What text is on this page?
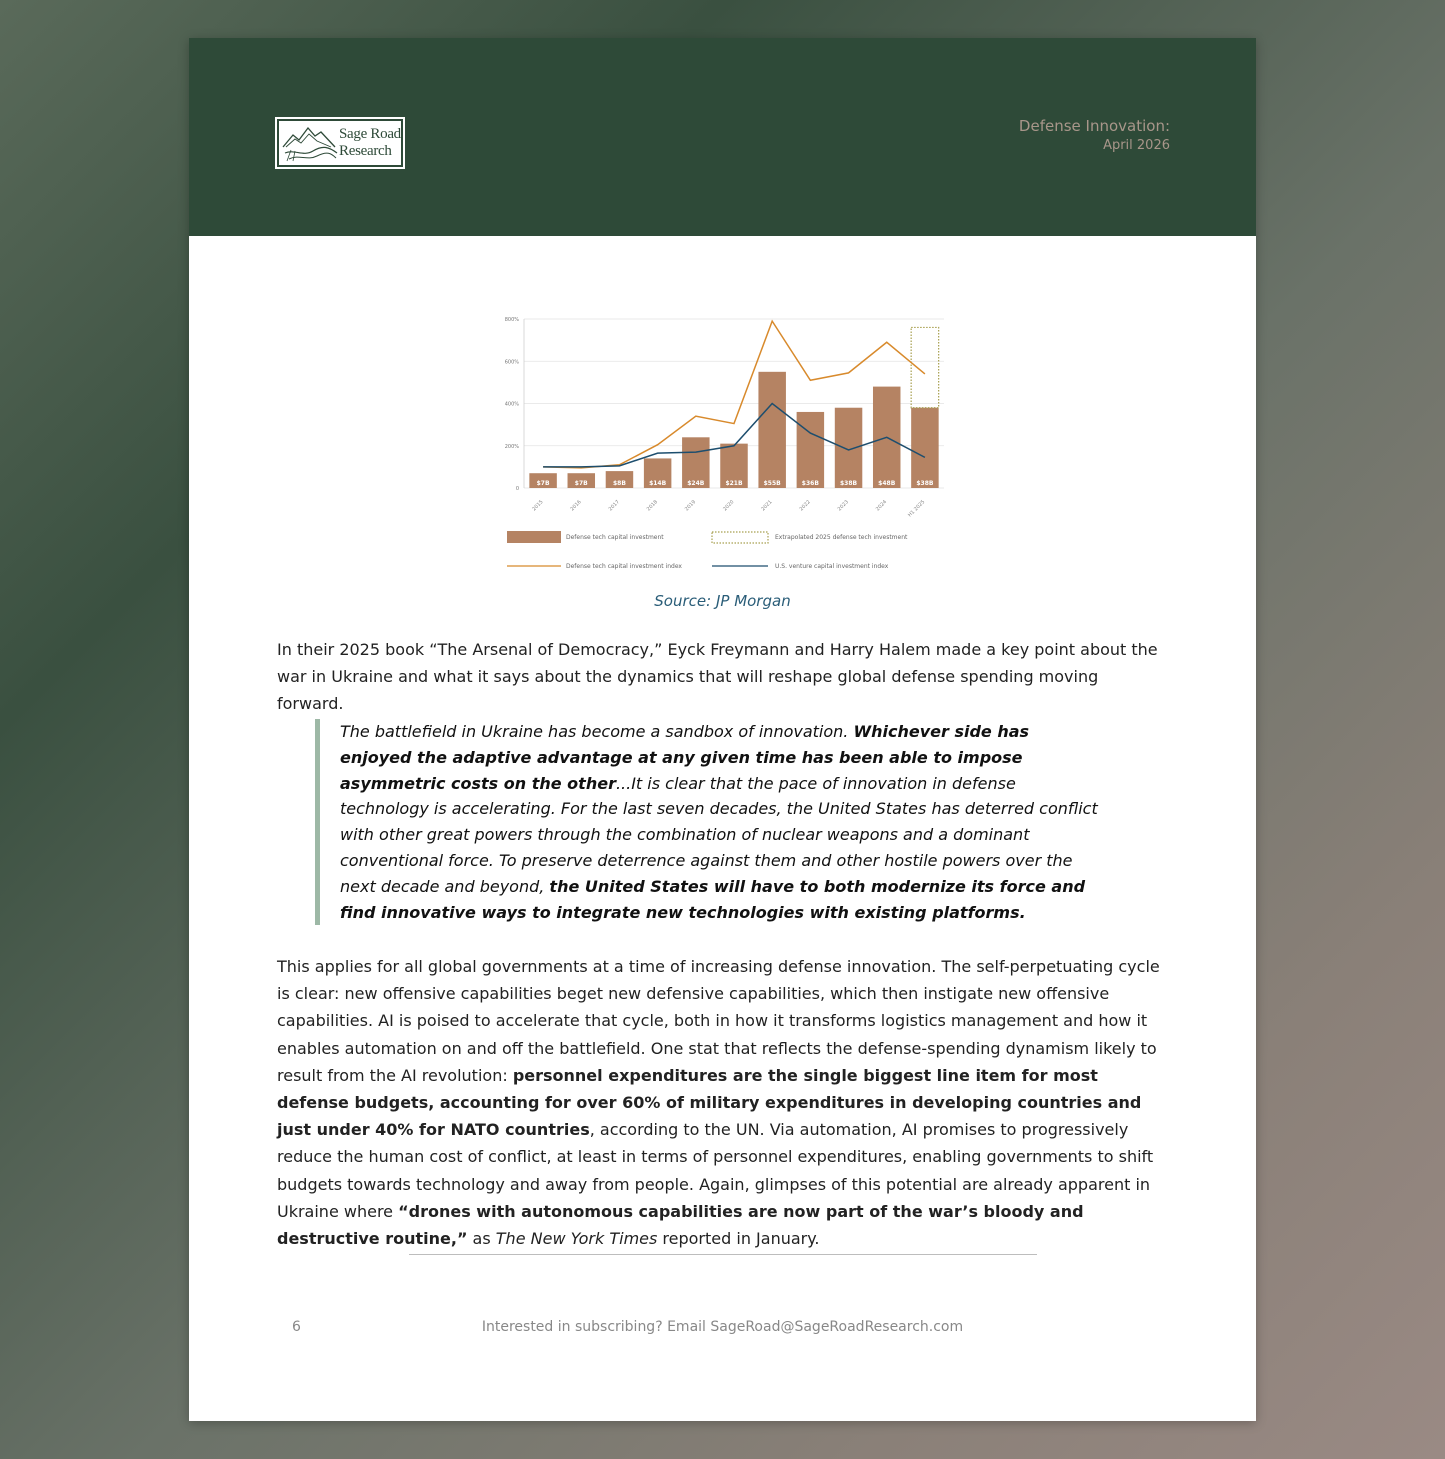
Sage Road
Research
Defense Innovation:
April 2026
0
200%
400%
600%
800%
$7B	$7B	$8B	$14B	$24B	$21B	$55B	$36B	$38B	$48B	$38B
2015	2016	2017	2018	2019	2020	2021	2022	2023	2024	H1 2025
Defense tech capital investment	Extrapolated 2025 defense tech investment
Defense tech capital investment index	U.S. venture capital investment index
Source: JP Morgan
In their 2025 book “The Arsenal of Democracy,” Eyck Freymann and Harry Halem made a key point about the war in Ukraine and what it says about the dynamics that will reshape global defense spending moving forward.
The battlefield in Ukraine has become a sandbox of innovation. Whichever side has enjoyed the adaptive advantage at any given time has been able to impose asymmetric costs on the other...It is clear that the pace of innovation in defense technology is accelerating. For the last seven decades, the United States has deterred conflict with other great powers through the combination of nuclear weapons and a dominant conventional force. To preserve deterrence against them and other hostile powers over the next decade and beyond, the United States will have to both modernize its force and find innovative ways to integrate new technologies with existing platforms.
This applies for all global governments at a time of increasing defense innovation. The self-perpetuating cycle is clear: new offensive capabilities beget new defensive capabilities, which then instigate new offensive capabilities. AI is poised to accelerate that cycle, both in how it transforms logistics management and how it enables automation on and off the battlefield. One stat that reflects the defense-spending dynamism likely to result from the AI revolution: personnel expenditures are the single biggest line item for most defense budgets, accounting for over 60% of military expenditures in developing countries and just under 40% for NATO countries, according to the UN. Via automation, AI promises to progressively reduce the human cost of conflict, at least in terms of personnel expenditures, enabling governments to shift budgets towards technology and away from people. Again, glimpses of this potential are already apparent in Ukraine where “drones with autonomous capabilities are now part of the war’s bloody and destructive routine,” as The New York Times reported in January.
6	Interested in subscribing? Email SageRoad@SageRoadResearch.com
